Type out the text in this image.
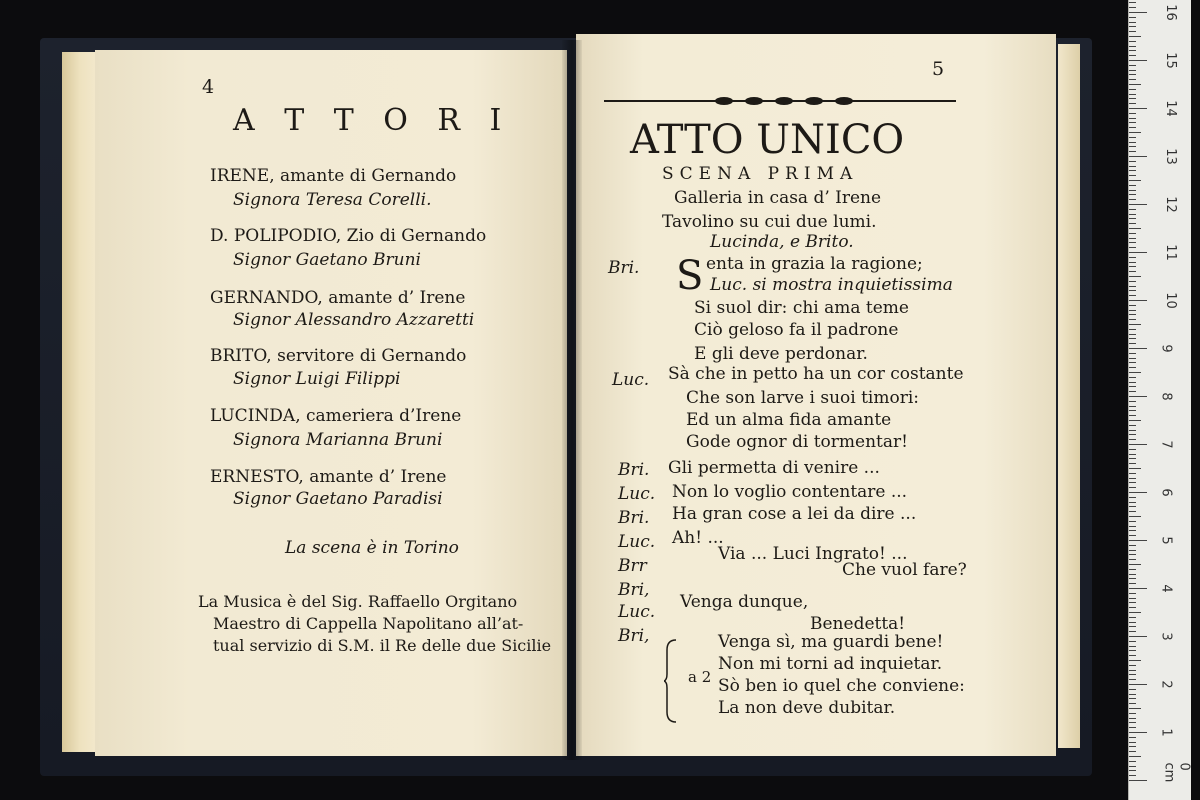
4
A T T O R I
IRENE, amante di Gernando
Signora Teresa Corelli.
D. POLIPODIO, Zio di Gernando
Signor Gaetano Bruni
GERNANDO, amante d’ Irene
Signor Alessandro Azzaretti
BRITO, servitore di Gernando
Signor Luigi Filippi
LUCINDA, cameriera d’Irene
Signora Marianna Bruni
ERNESTO, amante d’ Irene
Signor Gaetano Paradisi
La scena è in Torino
La Musica è del Sig. Raffaello Orgitano
Maestro di Cappella Napolitano all’at-
tual servizio di S.M. il Re delle due Sicilie
5
ATTO UNICO
SCENA PRIMA
Galleria in casa d’ Irene
Tavolino su cui due lumi.
Lucinda, e Brito.
Bri. S enta in grazia la ragione;
Luc. si mostra inquietissima
Si suol dir: chi ama teme
Ciò geloso fa il padrone
E gli deve perdonar.
Luc. Sà che in petto ha un cor costante
Che son larve i suoi timori:
Ed un alma fida amante
Gode ognor di tormentar!
Bri. Gli permetta di venire ...
Luc. Non lo voglio contentare ...
Bri. Ha gran cose a lei da dire ...
Luc. Ah! ...
Brr
Via ... Luci Ingrato! ...
Bri,
Che vuol fare?
Luc. Venga dunque,
Bri,
Benedetta!
a 2
Venga sì, ma guardi bene!
Non mi torni ad inquietar.
Sò ben io quel che conviene:
La non deve dubitar.
0 cm
1
2
3
4
5
6
7
8
9
10
11
12
13
14
15
16
